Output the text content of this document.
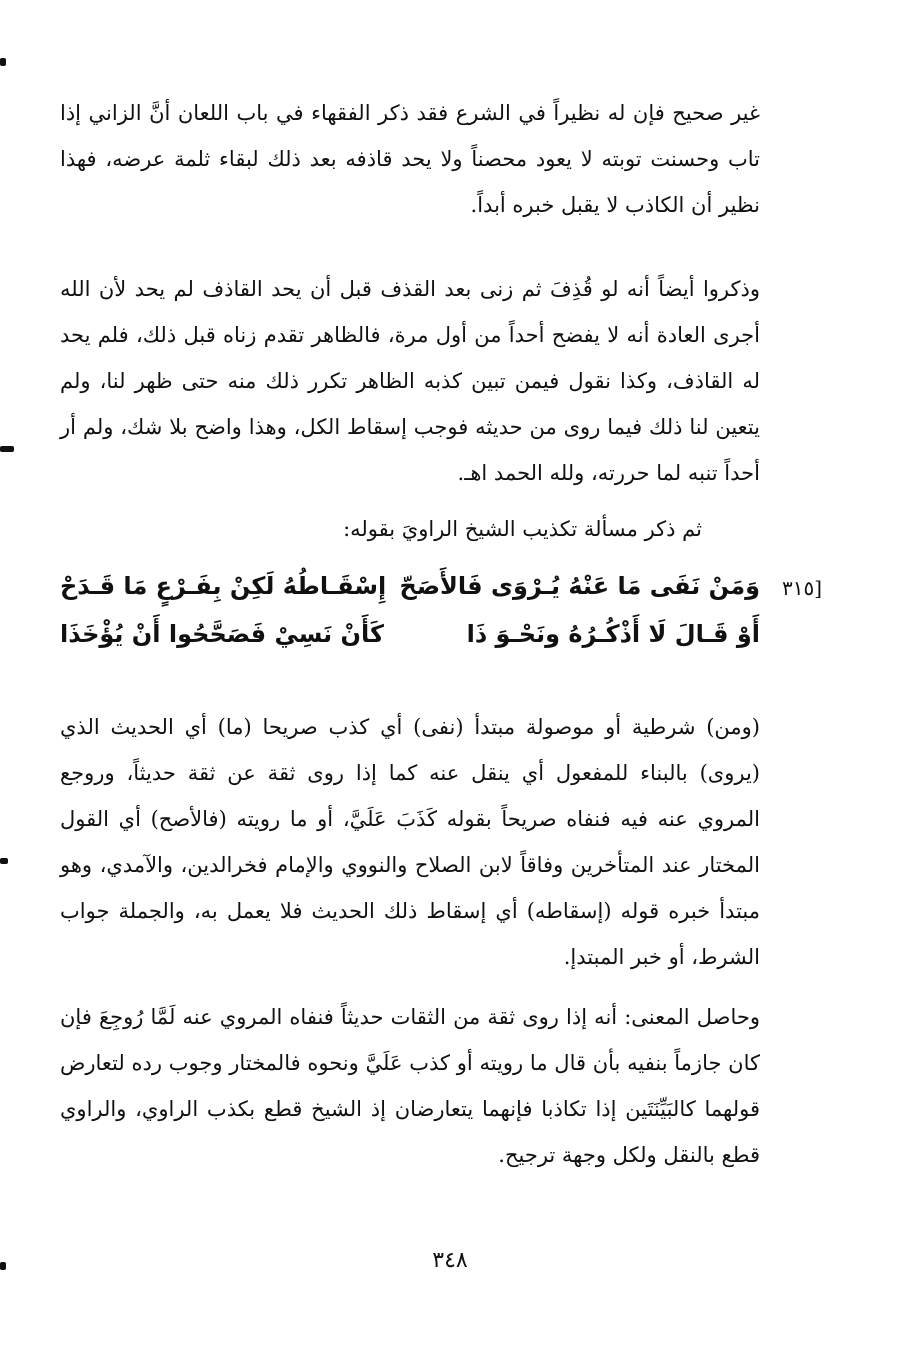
غير صحيح فإن له نظيراً في الشرع فقد ذكر الفقهاء في باب اللعان أنَّ الزاني إذا تاب وحسنت توبته لا يعود محصناً ولا يحد قاذفه بعد ذلك لبقاء ثلمة عرضه، فهذا نظير أن الكاذب لا يقبل خبره أبداً.

وذكروا أيضاً أنه لو قُذِفَ ثم زنى بعد القذف قبل أن يحد القاذف لم يحد لأن الله أجرى العادة أنه لا يفضح أحداً من أول مرة، فالظاهر تقدم زناه قبل ذلك، فلم يحد له القاذف، وكذا نقول فيمن تبين كذبه الظاهر تكرر ذلك منه حتى ظهر لنا، ولم يتعين لنا ذلك فيما روى من حديثه فوجب إسقاط الكل، وهذا واضح بلا شك، ولم أر أحداً تنبه لما حررته، ولله الحمد اهـ.

ثم ذكر مسألة تكذيب الشيخ الراويَ بقوله:

[٣١٥
وَمَنْ نَفَى مَا عَنْهُ يُـرْوَى فَالأَصَحّ
إِسْقَـاطُهُ لَكِنْ بِفَـرْعٍ مَا قَـدَحْ
أَوْ قَـالَ لَا أَذْكُـرُهُ ونَحْـوَ ذَا
كَأَنْ نَسِيْ فَصَحَّحُوا أَنْ يُؤْخَذَا

(ومن) شرطية أو موصولة مبتدأ (نفى) أي كذب صريحا (ما) أي الحديث الذي (يروى) بالبناء للمفعول أي ينقل عنه كما إذا روى ثقة عن ثقة حديثاً، وروجع المروي عنه فيه فنفاه صريحاً بقوله كَذَبَ عَلَيَّ، أو ما رويته (فالأصح) أي القول المختار عند المتأخرين وفاقاً لابن الصلاح والنووي والإمام فخرالدين، والآمدي، وهو مبتدأ خبره قوله (إسقاطه) أي إسقاط ذلك الحديث فلا يعمل به، والجملة جواب الشرط، أو خبر المبتدإ.

وحاصل المعنى: أنه إذا روى ثقة من الثقات حديثاً فنفاه المروي عنه لَمَّا رُوجِعَ فإن كان جازماً بنفيه بأن قال ما رويته أو كذب عَلَيَّ ونحوه فالمختار وجوب رده لتعارض قولهما كالبَيِّنَتَين إذا تكاذبا فإنهما يتعارضان إذ الشيخ قطع بكذب الراوي، والراوي قطع بالنقل ولكل وجهة ترجيح.

٣٤٨
